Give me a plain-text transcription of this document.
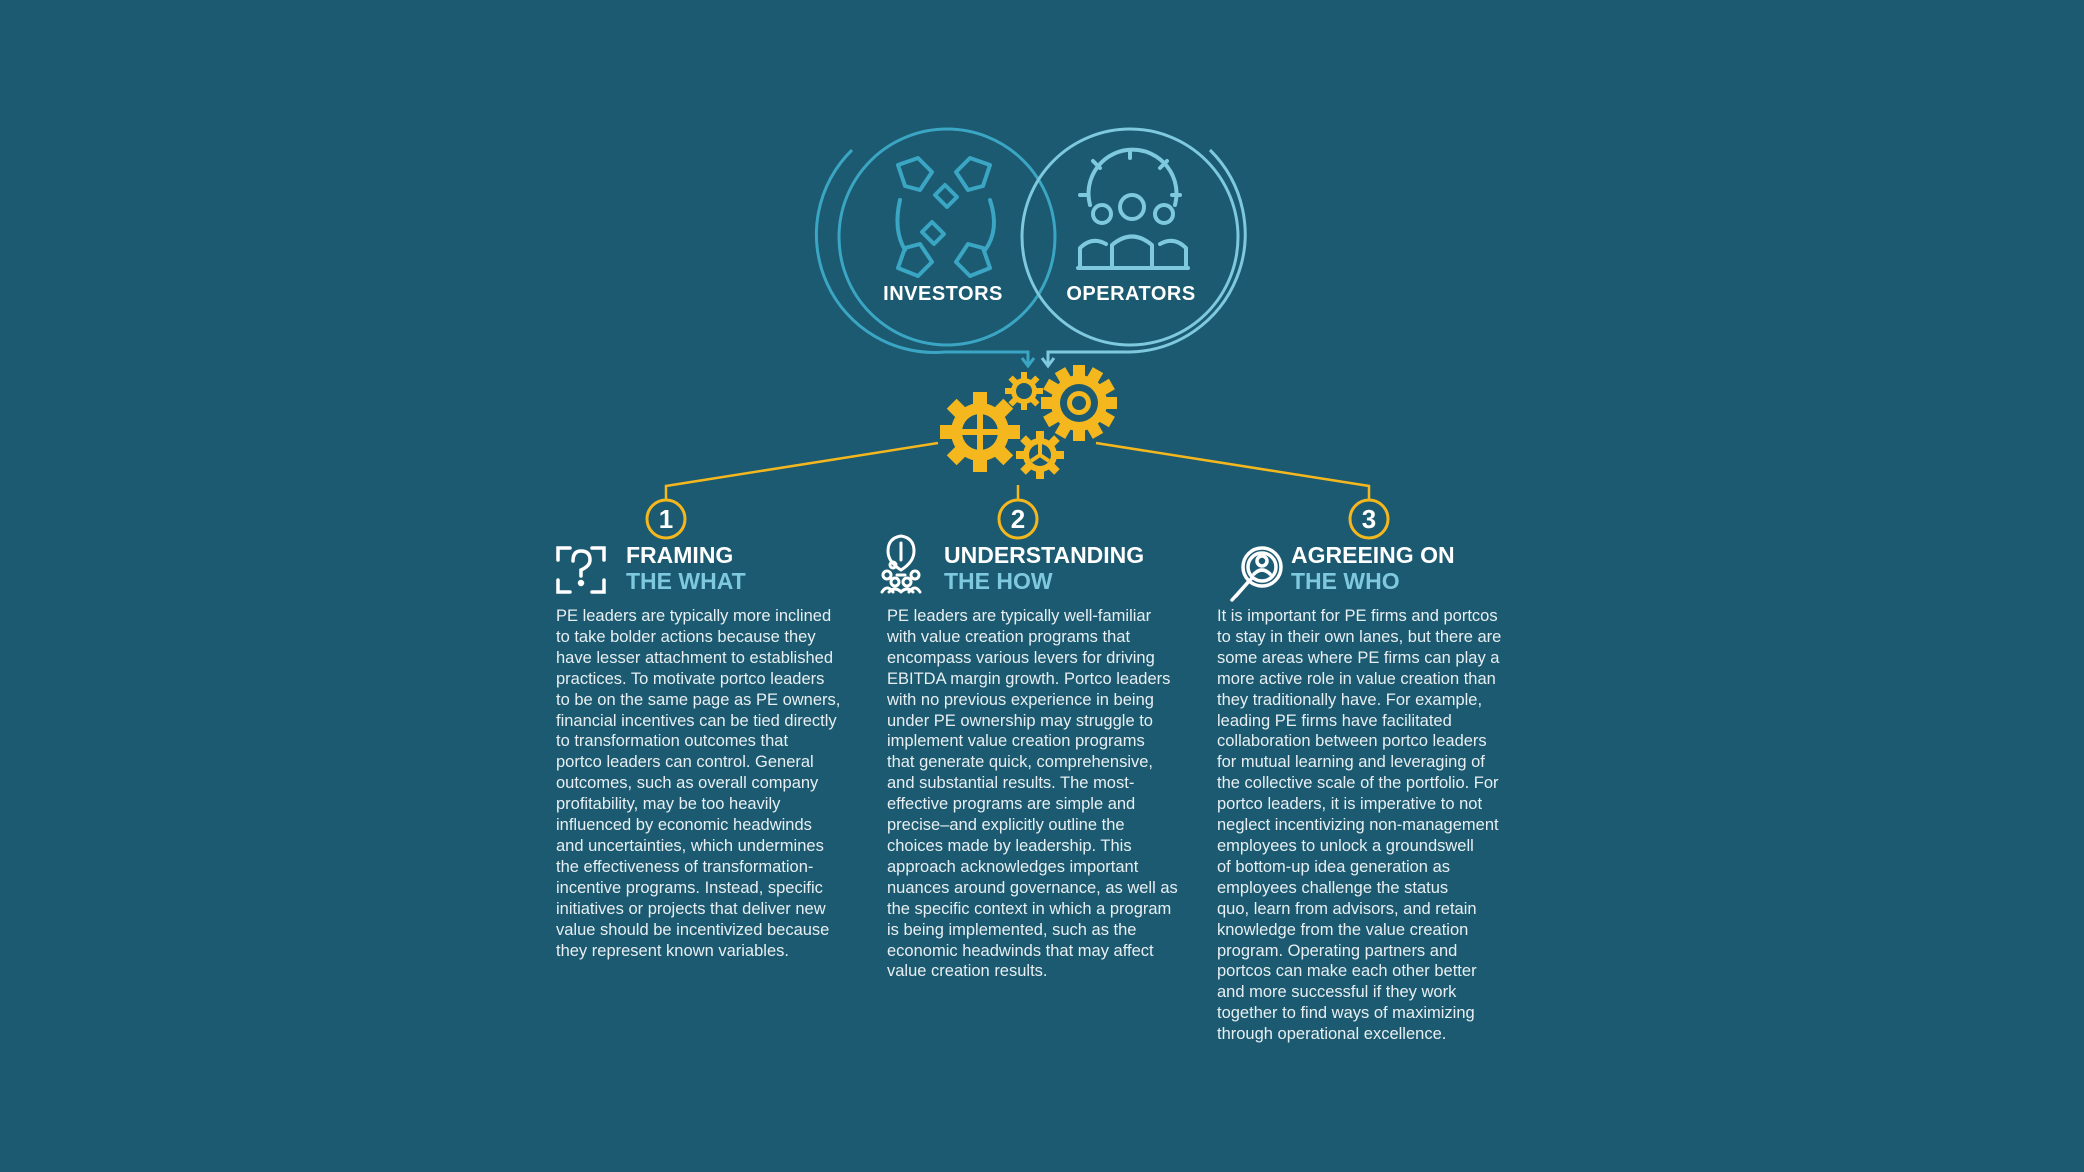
INVESTORS	OPERATORS
1	2	3
FRAMING
THE WHAT
PE leaders are typically more inclined
to take bolder actions because they
have lesser attachment to established
practices. To motivate portco leaders
to be on the same page as PE owners,
financial incentives can be tied directly
to transformation outcomes that
portco leaders can control. General
outcomes, such as overall company
profitability, may be too heavily
influenced by economic headwinds
and uncertainties, which undermines
the effectiveness of transformation-
incentive programs. Instead, specific
initiatives or projects that deliver new
value should be incentivized because
they represent known variables.
UNDERSTANDING
THE HOW
PE leaders are typically well-familiar
with value creation programs that
encompass various levers for driving
EBITDA margin growth. Portco leaders
with no previous experience in being
under PE ownership may struggle to
implement value creation programs
that generate quick, comprehensive,
and substantial results. The most-
effective programs are simple and
precise–and explicitly outline the
choices made by leadership. This
approach acknowledges important
nuances around governance, as well as
the specific context in which a program
is being implemented, such as the
economic headwinds that may affect
value creation results.
AGREEING ON
THE WHO
It is important for PE firms and portcos
to stay in their own lanes, but there are
some areas where PE firms can play a
more active role in value creation than
they traditionally have. For example,
leading PE firms have facilitated
collaboration between portco leaders
for mutual learning and leveraging of
the collective scale of the portfolio. For
portco leaders, it is imperative to not
neglect incentivizing non-management
employees to unlock a groundswell
of bottom-up idea generation as
employees challenge the status
quo, learn from advisors, and retain
knowledge from the value creation
program. Operating partners and
portcos can make each other better
and more successful if they work
together to find ways of maximizing
through operational excellence.
